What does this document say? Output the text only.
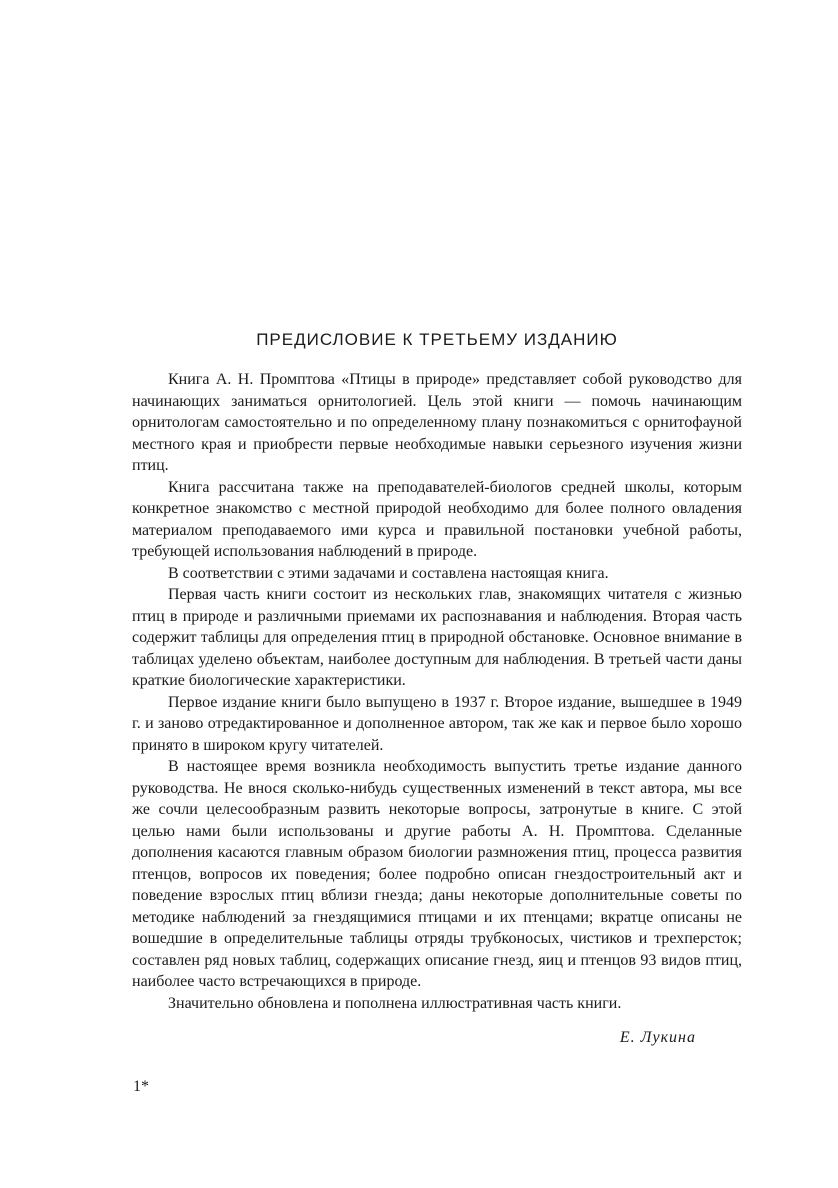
ПРЕДИСЛОВИЕ К ТРЕТЬЕМУ ИЗДАНИЮ

Книга А. Н. Промптова «Птицы в природе» представляет собой руководство для начинающих заниматься орнитологией. Цель этой книги — помочь начинающим орнитологам самостоятельно и по определенному плану познакомиться с орнитофауной местного края и приобрести первые необходимые навыки серьезного изучения жизни птиц.

Книга рассчитана также на преподавателей-биологов средней школы, которым конкретное знакомство с местной природой необходимо для более полного овладения материалом преподаваемого ими курса и правильной постановки учебной работы, требующей использования наблюдений в природе.

В соответствии с этими задачами и составлена настоящая книга.

Первая часть книги состоит из нескольких глав, знакомящих читателя с жизнью птиц в природе и различными приемами их распознавания и наблюдения. Вторая часть содержит таблицы для определения птиц в природной обстановке. Основное внимание в таблицах уделено объектам, наиболее доступным для наблюдения. В третьей части даны краткие биологические характеристики.

Первое издание книги было выпущено в 1937 г. Второе издание, вышедшее в 1949 г. и заново отредактированное и дополненное автором, так же как и первое было хорошо принято в широком кругу читателей.

В настоящее время возникла необходимость выпустить третье издание данного руководства. Не внося сколько-нибудь существенных изменений в текст автора, мы все же сочли целесообразным развить некоторые вопросы, затронутые в книге. С этой целью нами были использованы и другие работы А. Н. Промптова. Сделанные дополнения касаются главным образом биологии размножения птиц, процесса развития птенцов, вопросов их поведения; более подробно описан гнездостроительный акт и поведение взрослых птиц вблизи гнезда; даны некоторые дополнительные советы по методике наблюдений за гнездящимися птицами и их птенцами; вкратце описаны не вошедшие в определительные таблицы отряды трубконосых, чистиков и трехперсток; составлен ряд новых таблиц, содержащих описание гнезд, яиц и птенцов 93 видов птиц, наиболее часто встречающихся в природе.

Значительно обновлена и пополнена иллюстративная часть книги.

Е. Лукина
1*
